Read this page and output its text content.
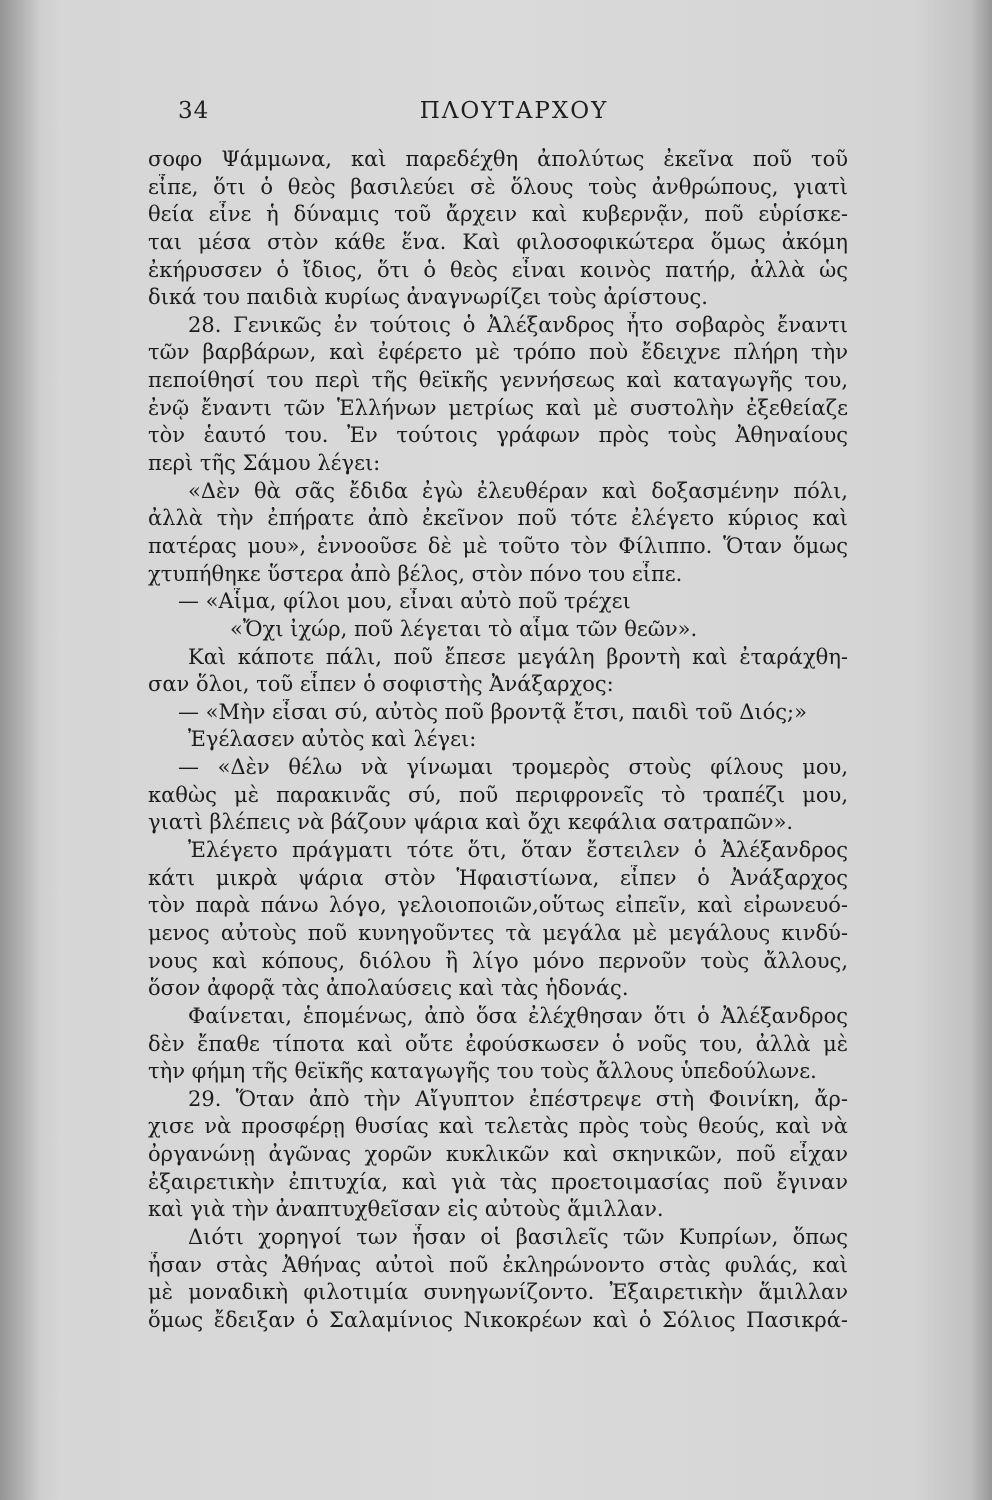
34	ΠΛΟΥΤΑΡΧΟΥ
σοφο Ψάμμωνα, καὶ παρεδέχθη ἀπολύτως ἐκεῖνα ποῦ τοῦ
εἶπε, ὅτι ὁ θεὸς βασιλεύει σὲ ὅλους τοὺς ἀνθρώπους, γιατὶ
θεία εἶνε ἡ δύναμις τοῦ ἄρχειν καὶ κυβερνᾷν, ποῦ εὑρίσκε-
ται μέσα στὸν κάθε ἕνα. Καὶ φιλοσοφικώτερα ὅμως ἀκόμη
ἐκήρυσσεν ὁ ἴδιος, ὅτι ὁ θεὸς εἶναι κοινὸς πατήρ, ἀλλὰ ὡς
δικά του παιδιὰ κυρίως ἀναγνωρίζει τοὺς ἀρίστους.
28. Γενικῶς ἐν τούτοις ὁ Ἀλέξανδρος ἦτο σοβαρὸς ἔναντι
τῶν βαρβάρων, καὶ ἐφέρετο μὲ τρόπο ποὺ ἔδειχνε πλήρη τὴν
πεποίθησί του περὶ τῆς θεϊκῆς γεννήσεως καὶ καταγωγῆς του,
ἐνῷ ἔναντι τῶν Ἑλλήνων μετρίως καὶ μὲ συστολὴν ἐξεθείαζε
τὸν ἑαυτό του. Ἐν τούτοις γράφων πρὸς τοὺς Ἀθηναίους
περὶ τῆς Σάμου λέγει:
«Δὲν θὰ σᾶς ἔδιδα ἐγὼ ἐλευθέραν καὶ δοξασμένην πόλι,
ἀλλὰ τὴν ἐπήρατε ἀπὸ ἐκεῖνον ποῦ τότε ἐλέγετο κύριος καὶ
πατέρας μου», ἐννοοῦσε δὲ μὲ τοῦτο τὸν Φίλιππο. Ὅταν ὅμως
χτυπήθηκε ὕστερα ἀπὸ βέλος, στὸν πόνο του εἶπε.
— «Αἷμα, φίλοι μου, εἶναι αὐτὸ ποῦ τρέχει
«Ὄχι ἰχώρ, ποῦ λέγεται τὸ αἷμα τῶν θεῶν».
Καὶ κάποτε πάλι, ποῦ ἔπεσε μεγάλη βροντὴ καὶ ἐταράχθη-
σαν ὅλοι, τοῦ εἶπεν ὁ σοφιστὴς Ἀνάξαρχος:
— «Μὴν εἶσαι σύ, αὐτὸς ποῦ βροντᾷ ἔτσι, παιδὶ τοῦ Διός;»
Ἐγέλασεν αὐτὸς καὶ λέγει:
— «Δὲν θέλω νὰ γίνωμαι τρομερὸς στοὺς φίλους μου,
καθὼς μὲ παρακινᾶς σύ, ποῦ περιφρονεῖς τὸ τραπέζι μου,
γιατὶ βλέπεις νὰ βάζουν ψάρια καὶ ὄχι κεφάλια σατραπῶν».
Ἐλέγετο πράγματι τότε ὅτι, ὅταν ἔστειλεν ὁ Ἀλέξανδρος
κάτι μικρὰ ψάρια στὸν Ἡφαιστίωνα, εἶπεν ὁ Ἀνάξαρχος
τὸν παρὰ πάνω λόγο, γελοιοποιῶν,οὕτως εἰπεῖν, καὶ εἰρωνευό-
μενος αὐτοὺς ποῦ κυνηγοῦντες τὰ μεγάλα μὲ μεγάλους κινδύ-
νους καὶ κόπους, διόλου ἢ λίγο μόνο περνοῦν τοὺς ἄλλους,
ὅσον ἀφορᾷ τὰς ἀπολαύσεις καὶ τὰς ἡδονάς.
Φαίνεται, ἑπομένως, ἀπὸ ὅσα ἐλέχθησαν ὅτι ὁ Ἀλέξανδρος
δὲν ἔπαθε τίποτα καὶ οὔτε ἐφούσκωσεν ὁ νοῦς του, ἀλλὰ μὲ
τὴν φήμη τῆς θεϊκῆς καταγωγῆς του τοὺς ἄλλους ὑπεδούλωνε.
29. Ὅταν ἀπὸ τὴν Αἴγυπτον ἐπέστρεψε στὴ Φοινίκη, ἄρ-
χισε νὰ προσφέρῃ θυσίας καὶ τελετὰς πρὸς τοὺς θεούς, καὶ νὰ
ὀργανώνῃ ἀγῶνας χορῶν κυκλικῶν καὶ σκηνικῶν, ποῦ εἶχαν
ἐξαιρετικὴν ἐπιτυχία, καὶ γιὰ τὰς προετοιμασίας ποῦ ἔγιναν
καὶ γιὰ τὴν ἀναπτυχθεῖσαν εἰς αὐτοὺς ἅμιλλαν.
Διότι χορηγοί των ἦσαν οἱ βασιλεῖς τῶν Κυπρίων, ὅπως
ἦσαν στὰς Ἀθήνας αὐτοὶ ποῦ ἐκληρώνοντο στὰς φυλάς, καὶ
μὲ μοναδικὴ φιλοτιμία συνηγωνίζοντο. Ἐξαιρετικὴν ἅμιλλαν
ὅμως ἔδειξαν ὁ Σαλαμίνιος Νικοκρέων καὶ ὁ Σόλιος Πασικρά-
